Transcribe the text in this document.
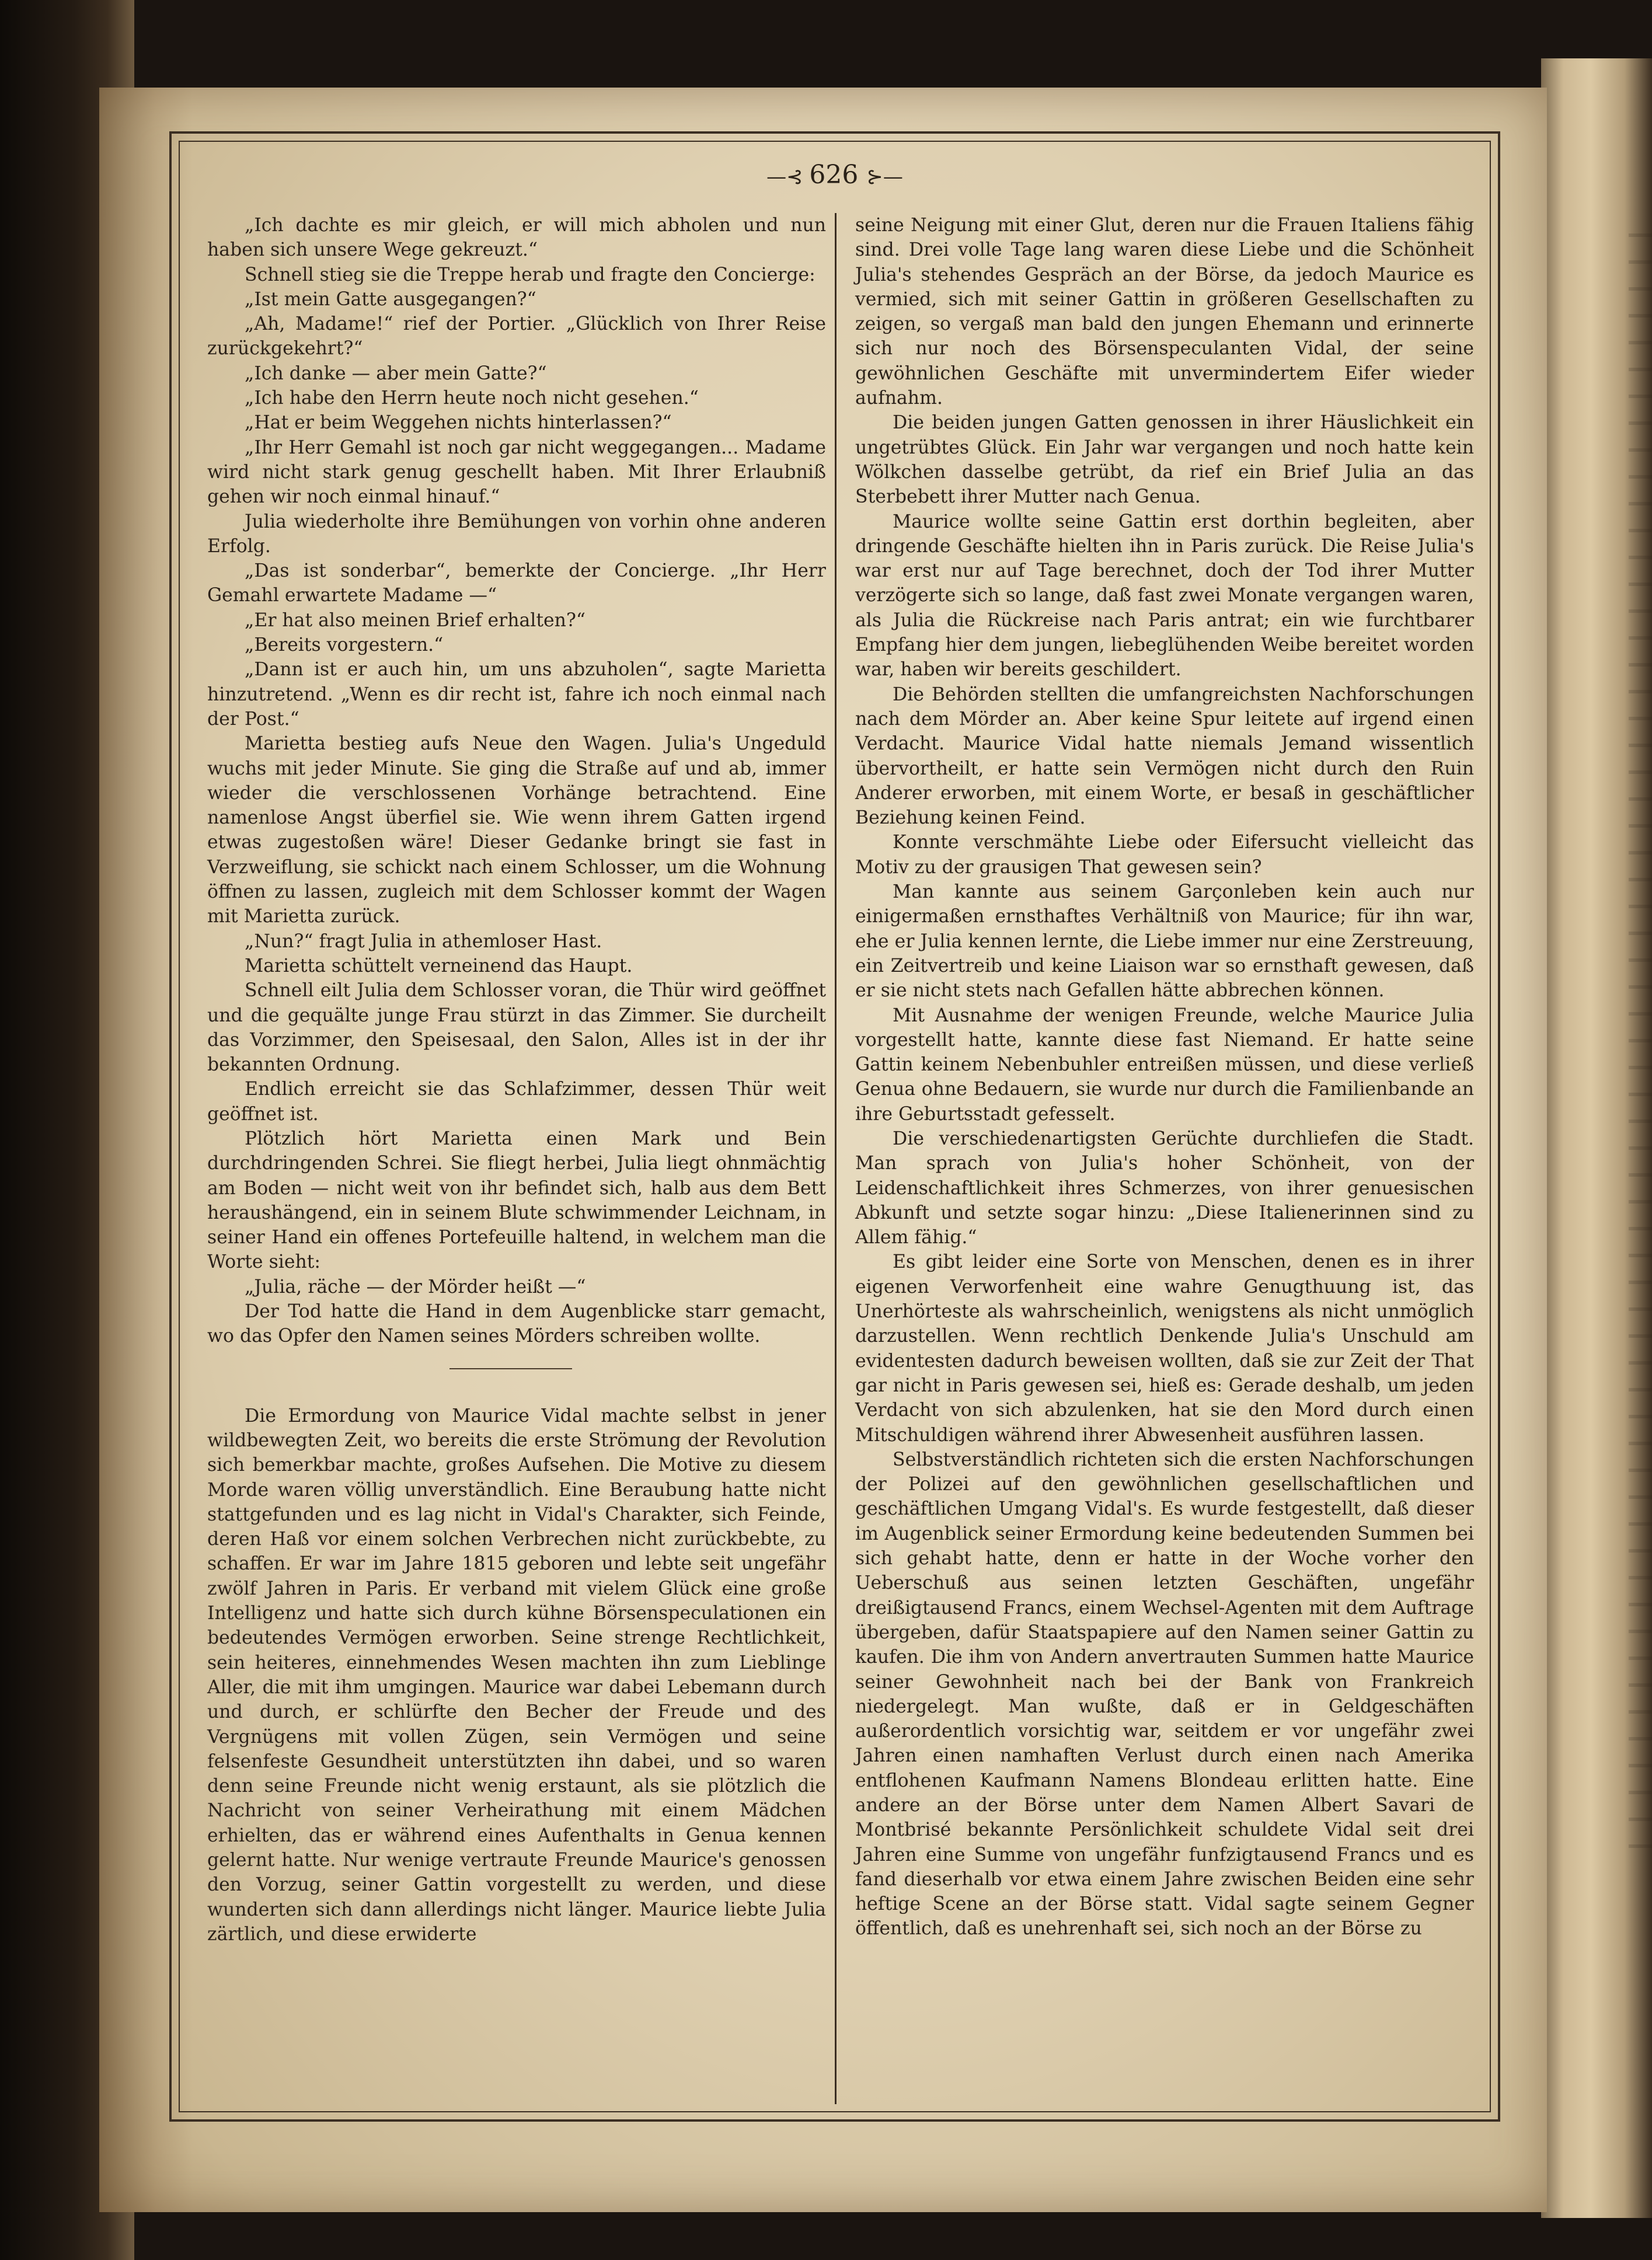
—⊰ 626 ⊱—

„Ich dachte es mir gleich, er will mich abholen und nun haben sich unsere Wege gekreuzt.“

Schnell stieg sie die Treppe herab und fragte den Concierge:

„Ist mein Gatte ausgegangen?“

„Ah, Madame!“ rief der Portier. „Glücklich von Ihrer Reise zurückgekehrt?“

„Ich danke — aber mein Gatte?“

„Ich habe den Herrn heute noch nicht gesehen.“

„Hat er beim Weggehen nichts hinterlassen?“

„Ihr Herr Gemahl ist noch gar nicht weggegangen... Madame wird nicht stark genug geschellt haben. Mit Ihrer Erlaubniß gehen wir noch einmal hinauf.“

Julia wiederholte ihre Bemühungen von vorhin ohne anderen Erfolg.

„Das ist sonderbar“, bemerkte der Concierge. „Ihr Herr Gemahl erwartete Madame —“

„Er hat also meinen Brief erhalten?“

„Bereits vorgestern.“

„Dann ist er auch hin, um uns abzuholen“, sagte Marietta hinzutretend. „Wenn es dir recht ist, fahre ich noch einmal nach der Post.“

Marietta bestieg aufs Neue den Wagen. Julia's Ungeduld wuchs mit jeder Minute. Sie ging die Straße auf und ab, immer wieder die verschlossenen Vorhänge betrachtend. Eine namenlose Angst überfiel sie. Wie wenn ihrem Gatten irgend etwas zugestoßen wäre! Dieser Gedanke bringt sie fast in Verzweiflung, sie schickt nach einem Schlosser, um die Wohnung öffnen zu lassen, zugleich mit dem Schlosser kommt der Wagen mit Marietta zurück.

„Nun?“ fragt Julia in athemloser Hast.

Marietta schüttelt verneinend das Haupt.

Schnell eilt Julia dem Schlosser voran, die Thür wird geöffnet und die gequälte junge Frau stürzt in das Zimmer. Sie durcheilt das Vorzimmer, den Speisesaal, den Salon, Alles ist in der ihr bekannten Ordnung.

Endlich erreicht sie das Schlafzimmer, dessen Thür weit geöffnet ist.

Plötzlich hört Marietta einen Mark und Bein durchdringenden Schrei. Sie fliegt herbei, Julia liegt ohnmächtig am Boden — nicht weit von ihr befindet sich, halb aus dem Bett heraushängend, ein in seinem Blute schwimmender Leichnam, in seiner Hand ein offenes Portefeuille haltend, in welchem man die Worte sieht:

„Julia, räche — der Mörder heißt —“

Der Tod hatte die Hand in dem Augenblicke starr gemacht, wo das Opfer den Namen seines Mörders schreiben wollte.

Die Ermordung von Maurice Vidal machte selbst in jener wildbewegten Zeit, wo bereits die erste Strömung der Revolution sich bemerkbar machte, großes Aufsehen. Die Motive zu diesem Morde waren völlig unverständlich. Eine Beraubung hatte nicht stattgefunden und es lag nicht in Vidal's Charakter, sich Feinde, deren Haß vor einem solchen Verbrechen nicht zurückbebte, zu schaffen. Er war im Jahre 1815 geboren und lebte seit ungefähr zwölf Jahren in Paris. Er verband mit vielem Glück eine große Intelligenz und hatte sich durch kühne Börsenspeculationen ein bedeutendes Vermögen erworben. Seine strenge Rechtlichkeit, sein heiteres, einnehmendes Wesen machten ihn zum Lieblinge Aller, die mit ihm umgingen. Maurice war dabei Lebemann durch und durch, er schlürfte den Becher der Freude und des Vergnügens mit vollen Zügen, sein Vermögen und seine felsenfeste Gesundheit unterstützten ihn dabei, und so waren denn seine Freunde nicht wenig erstaunt, als sie plötzlich die Nachricht von seiner Verheirathung mit einem Mädchen erhielten, das er während eines Aufenthalts in Genua kennen gelernt hatte. Nur wenige vertraute Freunde Maurice's genossen den Vorzug, seiner Gattin vorgestellt zu werden, und diese wunderten sich dann allerdings nicht länger. Maurice liebte Julia zärtlich, und diese erwiderte

seine Neigung mit einer Glut, deren nur die Frauen Italiens fähig sind. Drei volle Tage lang waren diese Liebe und die Schönheit Julia's stehendes Gespräch an der Börse, da jedoch Maurice es vermied, sich mit seiner Gattin in größeren Gesellschaften zu zeigen, so vergaß man bald den jungen Ehemann und erinnerte sich nur noch des Börsenspeculanten Vidal, der seine gewöhnlichen Geschäfte mit unvermindertem Eifer wieder aufnahm.

Die beiden jungen Gatten genossen in ihrer Häuslichkeit ein ungetrübtes Glück. Ein Jahr war vergangen und noch hatte kein Wölkchen dasselbe getrübt, da rief ein Brief Julia an das Sterbebett ihrer Mutter nach Genua.

Maurice wollte seine Gattin erst dorthin begleiten, aber dringende Geschäfte hielten ihn in Paris zurück. Die Reise Julia's war erst nur auf Tage berechnet, doch der Tod ihrer Mutter verzögerte sich so lange, daß fast zwei Monate vergangen waren, als Julia die Rückreise nach Paris antrat; ein wie furchtbarer Empfang hier dem jungen, liebeglühenden Weibe bereitet worden war, haben wir bereits geschildert.

Die Behörden stellten die umfangreichsten Nachforschungen nach dem Mörder an. Aber keine Spur leitete auf irgend einen Verdacht. Maurice Vidal hatte niemals Jemand wissentlich übervortheilt, er hatte sein Vermögen nicht durch den Ruin Anderer erworben, mit einem Worte, er besaß in geschäftlicher Beziehung keinen Feind.

Konnte verschmähte Liebe oder Eifersucht vielleicht das Motiv zu der grausigen That gewesen sein?

Man kannte aus seinem Garçonleben kein auch nur einigermaßen ernsthaftes Verhältniß von Maurice; für ihn war, ehe er Julia kennen lernte, die Liebe immer nur eine Zerstreuung, ein Zeitvertreib und keine Liaison war so ernsthaft gewesen, daß er sie nicht stets nach Gefallen hätte abbrechen können.

Mit Ausnahme der wenigen Freunde, welche Maurice Julia vorgestellt hatte, kannte diese fast Niemand. Er hatte seine Gattin keinem Nebenbuhler entreißen müssen, und diese verließ Genua ohne Bedauern, sie wurde nur durch die Familienbande an ihre Geburtsstadt gefesselt.

Die verschiedenartigsten Gerüchte durchliefen die Stadt. Man sprach von Julia's hoher Schönheit, von der Leidenschaftlichkeit ihres Schmerzes, von ihrer genuesischen Abkunft und setzte sogar hinzu: „Diese Italienerinnen sind zu Allem fähig.“

Es gibt leider eine Sorte von Menschen, denen es in ihrer eigenen Verworfenheit eine wahre Genugthuung ist, das Unerhörteste als wahrscheinlich, wenigstens als nicht unmöglich darzustellen. Wenn rechtlich Denkende Julia's Unschuld am evidentesten dadurch beweisen wollten, daß sie zur Zeit der That gar nicht in Paris gewesen sei, hieß es: Gerade deshalb, um jeden Verdacht von sich abzulenken, hat sie den Mord durch einen Mitschuldigen während ihrer Abwesenheit ausführen lassen.

Selbstverständlich richteten sich die ersten Nachforschungen der Polizei auf den gewöhnlichen gesellschaftlichen und geschäftlichen Umgang Vidal's. Es wurde festgestellt, daß dieser im Augenblick seiner Ermordung keine bedeutenden Summen bei sich gehabt hatte, denn er hatte in der Woche vorher den Ueberschuß aus seinen letzten Geschäften, ungefähr dreißigtausend Francs, einem Wechsel-Agenten mit dem Auftrage übergeben, dafür Staatspapiere auf den Namen seiner Gattin zu kaufen. Die ihm von Andern anvertrauten Summen hatte Maurice seiner Gewohnheit nach bei der Bank von Frankreich niedergelegt. Man wußte, daß er in Geldgeschäften außerordentlich vorsichtig war, seitdem er vor ungefähr zwei Jahren einen namhaften Verlust durch einen nach Amerika entflohenen Kaufmann Namens Blondeau erlitten hatte. Eine andere an der Börse unter dem Namen Albert Savari de Montbrisé bekannte Persönlichkeit schuldete Vidal seit drei Jahren eine Summe von ungefähr funfzigtausend Francs und es fand dieserhalb vor etwa einem Jahre zwischen Beiden eine sehr heftige Scene an der Börse statt. Vidal sagte seinem Gegner öffentlich, daß es unehrenhaft sei, sich noch an der Börse zu
